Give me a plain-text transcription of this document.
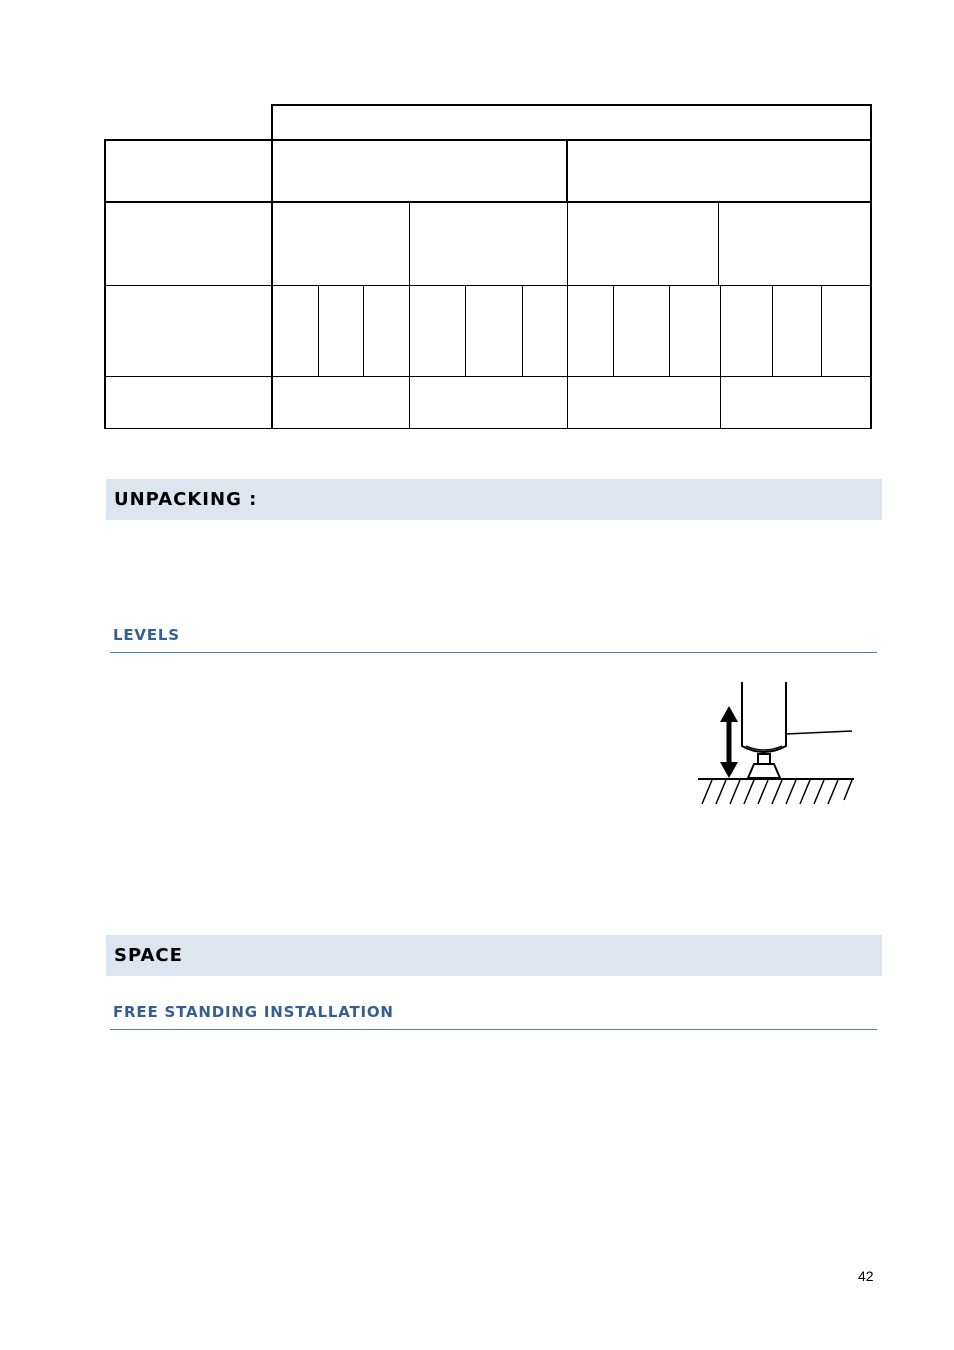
UNPACKING :
LEVELS
SPACE
FREE STANDING INSTALLATION
42
